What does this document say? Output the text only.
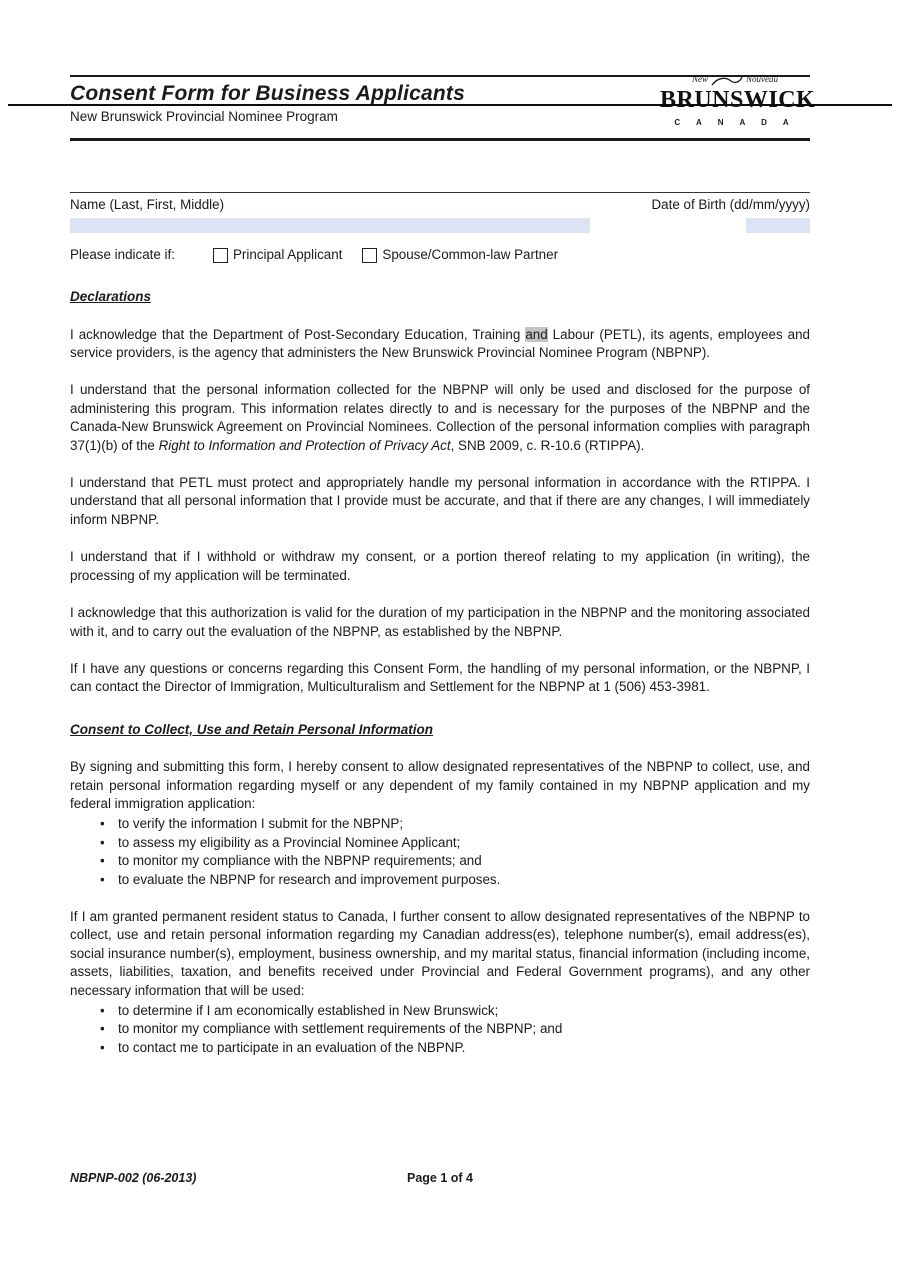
Consent Form for Business Applicants
New Brunswick Provincial Nominee Program
New	Nouveau
BRUNSWICK
C A N A D A
Name (Last, First, Middle)	Date of Birth (dd/mm/yyyy)
Please indicate if:	Principal Applicant	Spouse/Common-law Partner
Declarations

I acknowledge that the Department of Post-Secondary Education, Training and Labour (PETL), its agents, employees and service providers, is the agency that administers the New Brunswick Provincial Nominee Program (NBPNP).

I understand that the personal information collected for the NBPNP will only be used and disclosed for the purpose of administering this program. This information relates directly to and is necessary for the purposes of the NBPNP and the Canada-New Brunswick Agreement on Provincial Nominees. Collection of the personal information complies with paragraph 37(1)(b) of the Right to Information and Protection of Privacy Act, SNB 2009, c. R-10.6 (RTIPPA).

I understand that PETL must protect and appropriately handle my personal information in accordance with the RTIPPA. I understand that all personal information that I provide must be accurate, and that if there are any changes, I will immediately inform NBPNP.

I understand that if I withhold or withdraw my consent, or a portion thereof relating to my application (in writing), the processing of my application will be terminated.

I acknowledge that this authorization is valid for the duration of my participation in the NBPNP and the monitoring associated with it, and to carry out the evaluation of the NBPNP, as established by the NBPNP.

If I have any questions or concerns regarding this Consent Form, the handling of my personal information, or the NBPNP, I can contact the Director of Immigration, Multiculturalism and Settlement for the NBPNP at 1 (506) 453-3981.

Consent to Collect, Use and Retain Personal Information

By signing and submitting this form, I hereby consent to allow designated representatives of the NBPNP to collect, use, and retain personal information regarding myself or any dependent of my family contained in my NBPNP application and my federal immigration application:

•
to verify the information I submit for the NBPNP;
•
to assess my eligibility as a Provincial Nominee Applicant;
•
to monitor my compliance with the NBPNP requirements; and
•
to evaluate the NBPNP for research and improvement purposes.

If I am granted permanent resident status to Canada, I further consent to allow designated representatives of the NBPNP to collect, use and retain personal information regarding my Canadian address(es), telephone number(s), email address(es), social insurance number(s), employment, business ownership, and my marital status, financial information (including income, assets, liabilities, taxation, and benefits received under Provincial and Federal Government programs), and any other necessary information that will be used:

•
to determine if I am economically established in New Brunswick;
•
to monitor my compliance with settlement requirements of the NBPNP; and
•
to contact me to participate in an evaluation of the NBPNP.
NBPNP-002 (06-2013)	Page 1 of 4
